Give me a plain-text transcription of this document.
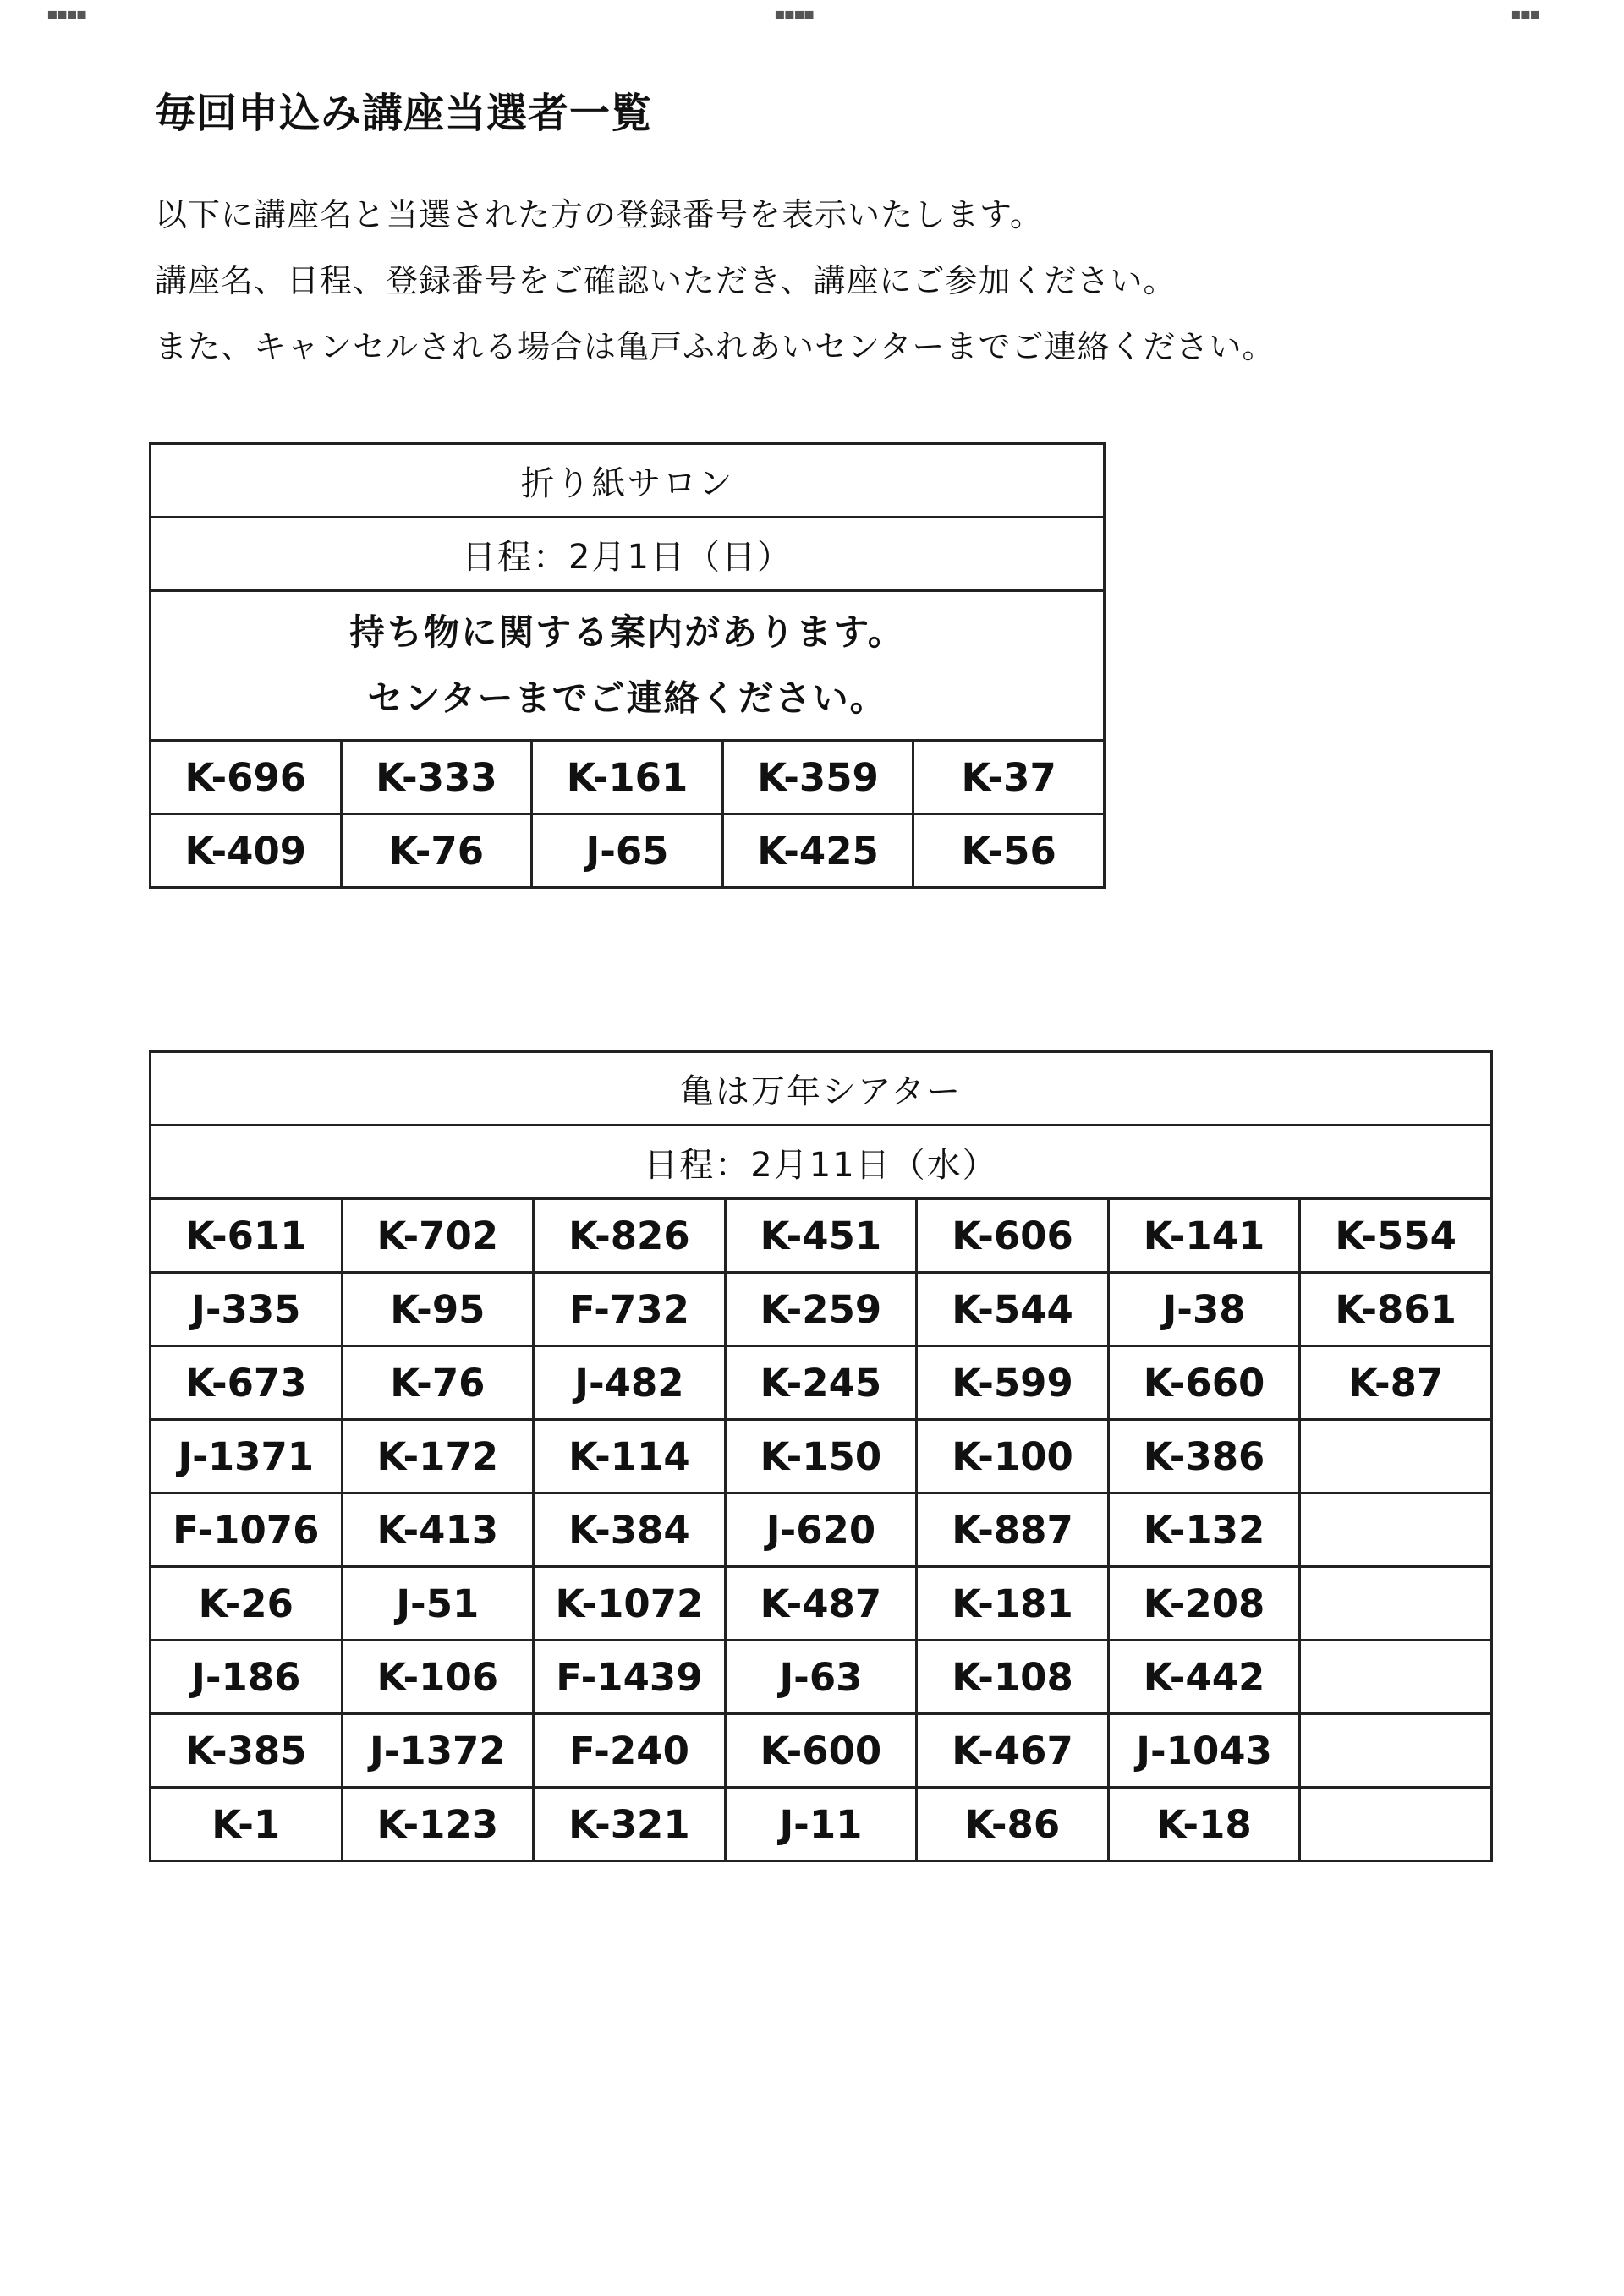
▪▪▪▪	▪▪▪▪	▪▪▪
毎回申込み講座当選者一覧
以下に講座名と当選された方の登録番号を表示いたします。
講座名、日程、登録番号をご確認いただき、講座にご参加ください。
また、キャンセルされる場合は亀戸ふれあいセンターまでご連絡ください。
折り紙サロン				
日程：2月1日（日）				

持ち物に関する案内があります。
センターまでご連絡ください。				

K-696	K-333	K-161	K-359	K-37
K-409	K-76	J-65	K-425	K-56
亀は万年シアター						
日程：2月11日（水）						
K-611	K-702	K-826	K-451	K-606	K-141	K-554
J-335	K-95	F-732	K-259	K-544	J-38	K-861
K-673	K-76	J-482	K-245	K-599	K-660	K-87
J-1371	K-172	K-114	K-150	K-100	K-386	
F-1076	K-413	K-384	J-620	K-887	K-132	
K-26	J-51	K-1072	K-487	K-181	K-208	
J-186	K-106	F-1439	J-63	K-108	K-442	
K-385	J-1372	F-240	K-600	K-467	J-1043	
K-1	K-123	K-321	J-11	K-86	K-18	
